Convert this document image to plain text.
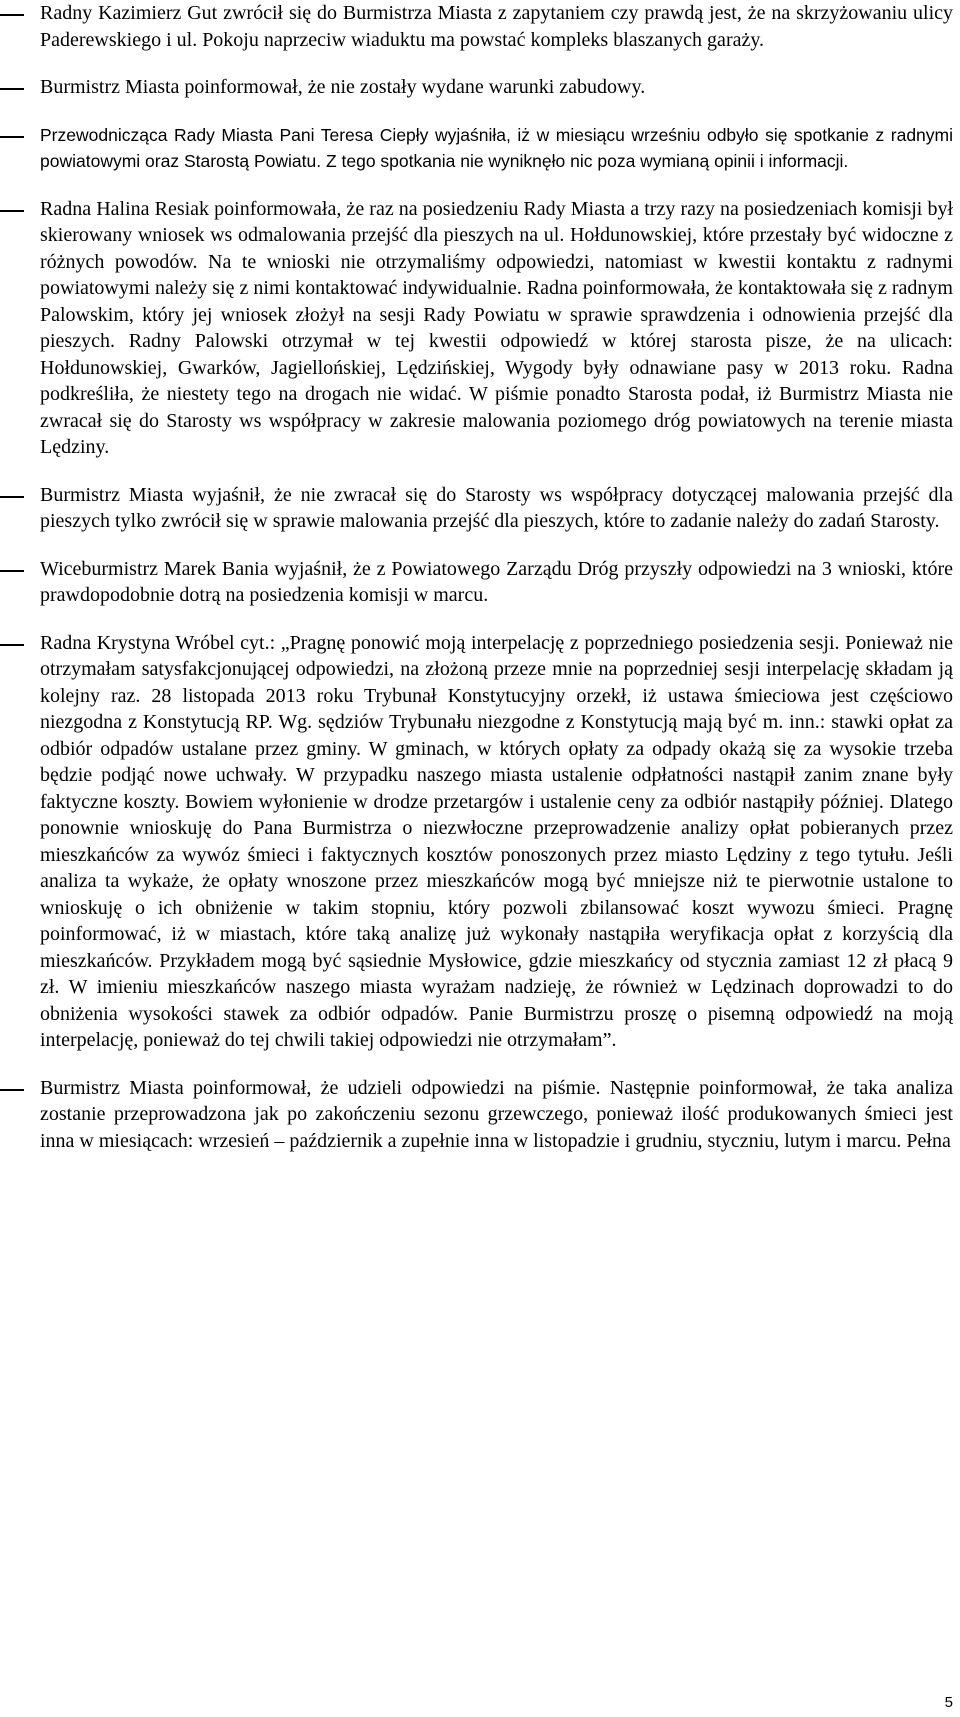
Radny Kazimierz Gut zwrócił się do Burmistrza Miasta z zapytaniem czy prawdą jest, że na skrzyżowaniu ulicy Paderewskiego i ul. Pokoju naprzeciw wiaduktu ma powstać kompleks blaszanych garaży.
Burmistrz Miasta poinformował, że nie zostały wydane warunki zabudowy.
Przewodnicząca Rady Miasta Pani Teresa Ciepły wyjaśniła, iż w miesiącu wrześniu odbyło się spotkanie z radnymi powiatowymi oraz Starostą Powiatu. Z tego spotkania nie wyniknęło nic poza wymianą opinii i informacji.
Radna Halina Resiak poinformowała, że raz na posiedzeniu Rady Miasta a trzy razy na posiedzeniach komisji był skierowany wniosek ws odmalowania przejść dla pieszych na ul. Hołdunowskiej, które przestały być widoczne z różnych powodów. Na te wnioski nie otrzymaliśmy odpowiedzi, natomiast w kwestii kontaktu z radnymi powiatowymi należy się z nimi kontaktować indywidualnie. Radna poinformowała, że kontaktowała się z radnym Palowskim, który jej wniosek złożył na sesji Rady Powiatu w sprawie sprawdzenia i odnowienia przejść dla pieszych. Radny Palowski otrzymał w tej kwestii odpowiedź w której starosta pisze, że na ulicach: Hołdunowskiej, Gwarków, Jagiellońskiej, Lędzińskiej, Wygody były odnawiane pasy w 2013 roku. Radna podkreśliła, że niestety tego na drogach nie widać. W piśmie ponadto Starosta podał, iż Burmistrz Miasta nie zwracał się do Starosty ws współpracy w zakresie malowania poziomego dróg powiatowych na terenie miasta Lędziny.
Burmistrz Miasta wyjaśnił, że nie zwracał się do Starosty ws współpracy dotyczącej malowania przejść dla pieszych tylko zwrócił się w sprawie malowania przejść dla pieszych, które to zadanie należy do zadań Starosty.
Wiceburmistrz Marek Bania wyjaśnił, że z Powiatowego Zarządu Dróg przyszły odpowiedzi na 3 wnioski, które prawdopodobnie dotrą na posiedzenia komisji w marcu.
Radna Krystyna Wróbel cyt.: „Pragnę ponowić moją interpelację z poprzedniego posiedzenia sesji. Ponieważ nie otrzymałam satysfakcjonującej odpowiedzi, na złożoną przeze mnie na poprzedniej sesji interpelację składam ją kolejny raz. 28 listopada 2013 roku Trybunał Konstytucyjny orzekł, iż ustawa śmieciowa jest częściowo niezgodna z Konstytucją RP. Wg. sędziów Trybunału niezgodne z Konstytucją mają być m. inn.: stawki opłat za odbiór odpadów ustalane przez gminy. W gminach, w których opłaty za odpady okażą się za wysokie trzeba będzie podjąć nowe uchwały. W przypadku naszego miasta ustalenie odpłatności nastąpił zanim znane były faktyczne koszty. Bowiem wyłonienie w drodze przetargów i ustalenie ceny za odbiór nastąpiły później. Dlatego ponownie wnioskuję do Pana Burmistrza o niezwłoczne przeprowadzenie analizy opłat pobieranych przez mieszkańców za wywóz śmieci i faktycznych kosztów ponoszonych przez miasto Lędziny z tego tytułu. Jeśli analiza ta wykaże, że opłaty wnoszone przez mieszkańców mogą być mniejsze niż te pierwotnie ustalone to wnioskuję o ich obniżenie w takim stopniu, który pozwoli zbilansować koszt wywozu śmieci. Pragnę poinformować, iż w miastach, które taką analizę już wykonały nastąpiła weryfikacja opłat z korzyścią dla mieszkańców. Przykładem mogą być sąsiednie Mysłowice, gdzie mieszkańcy od stycznia zamiast 12 zł płacą 9 zł. W imieniu mieszkańców naszego miasta wyrażam nadzieję, że również w Lędzinach doprowadzi to do obniżenia wysokości stawek za odbiór odpadów. Panie Burmistrzu proszę o pisemną odpowiedź na moją interpelację, ponieważ do tej chwili takiej odpowiedzi nie otrzymałam”.
Burmistrz Miasta poinformował, że udzieli odpowiedzi na piśmie. Następnie poinformował, że taka analiza zostanie przeprowadzona jak po zakończeniu sezonu grzewczego, ponieważ ilość produkowanych śmieci jest inna w miesiącach: wrzesień – październik a zupełnie inna w listopadzie i grudniu, styczniu, lutym i marcu. Pełna
5
